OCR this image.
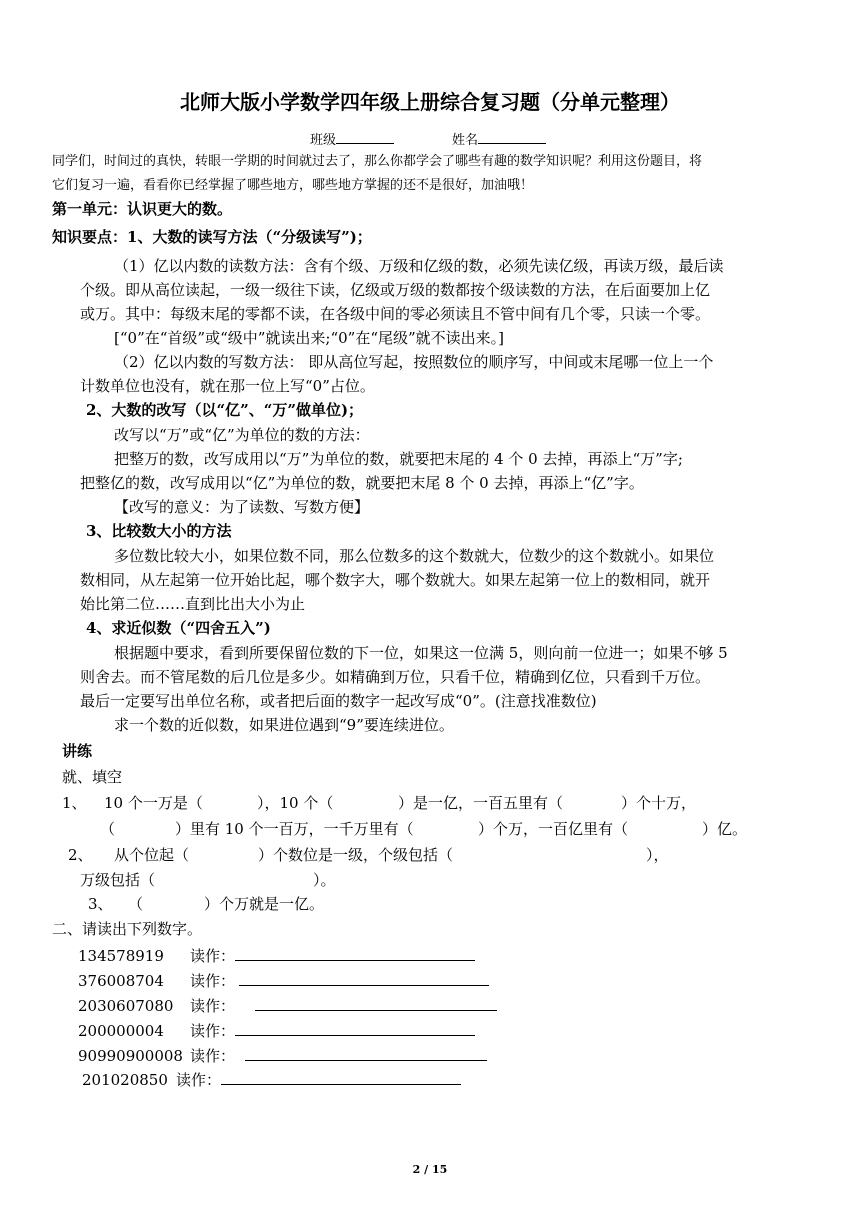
北师大版小学数学四年级上册综合复习题（分单元整理）
班级	姓名
同学们，时间过的真快，转眼一学期的时间就过去了，那么你都学会了哪些有趣的数学知识呢？利用这份题目，将
它们复习一遍，看看你已经掌握了哪些地方，哪些地方掌握的还不是很好，加油哦！
第一单元：认识更大的数。
知识要点：1、大数的读写方法（“分级读写”)；
（1）亿以内数的读数方法：含有个级、万级和亿级的数，必须先读亿级，再读万级，最后读
个级。即从高位读起，一级一级往下读，亿级或万级的数都按个级读数的方法，在后面要加上亿
或万。其中：每级末尾的零都不读，在各级中间的零必须读且不管中间有几个零，只读一个零。
[“0”在“首级”或“级中”就读出来;“0”在“尾级”就不读出来。]
（2）亿以内数的写数方法： 即从高位写起，按照数位的顺序写，中间或末尾哪一位上一个
计数单位也没有，就在那一位上写“0”占位。
2、大数的改写（以“亿”、“万”做单位)；
改写以“万”或“亿”为单位的数的方法：
把整万的数，改写成用以“万”为单位的数，就要把末尾的 4 个 0 去掉，再添上“万”字;
把整亿的数，改写成用以“亿”为单位的数，就要把末尾 8 个 0 去掉，再添上“亿”字。
【改写的意义：为了读数、写数方便】
3、比较数大小的方法
多位数比较大小，如果位数不同，那么位数多的这个数就大，位数少的这个数就小。如果位
数相同，从左起第一位开始比起，哪个数字大，哪个数就大。如果左起第一位上的数相同，就开
始比第二位……直到比出大小为止
4、求近似数（“四舍五入”)
根据题中要求，看到所要保留位数的下一位，如果这一位满 5，则向前一位进一；如果不够 5
则舍去。而不管尾数的后几位是多少。如精确到万位，只看千位，精确到亿位，只看到千万位。
最后一定要写出单位名称，或者把后面的数字一起改写成“0”。(注意找准数位)
求一个数的近似数，如果进位遇到“9”要连续进位。
讲练
就、填空
1、 10 个一万是（	），10 个（	）是一亿，一百五里有（	）个十万，
（	）里有 10 个一百万，一千万里有（	）个万，一百亿里有（	）亿。
2、 从个位起（	）个数位是一级，个级包括（	），
万级包括（	）。
3、 （	）个万就是一亿。
二、请读出下列数字。
134578919 读作：
376008704 读作：
2030607080 读作：
200000004 读作：
90990900008 读作：
201020850 读作：
2 / 15
